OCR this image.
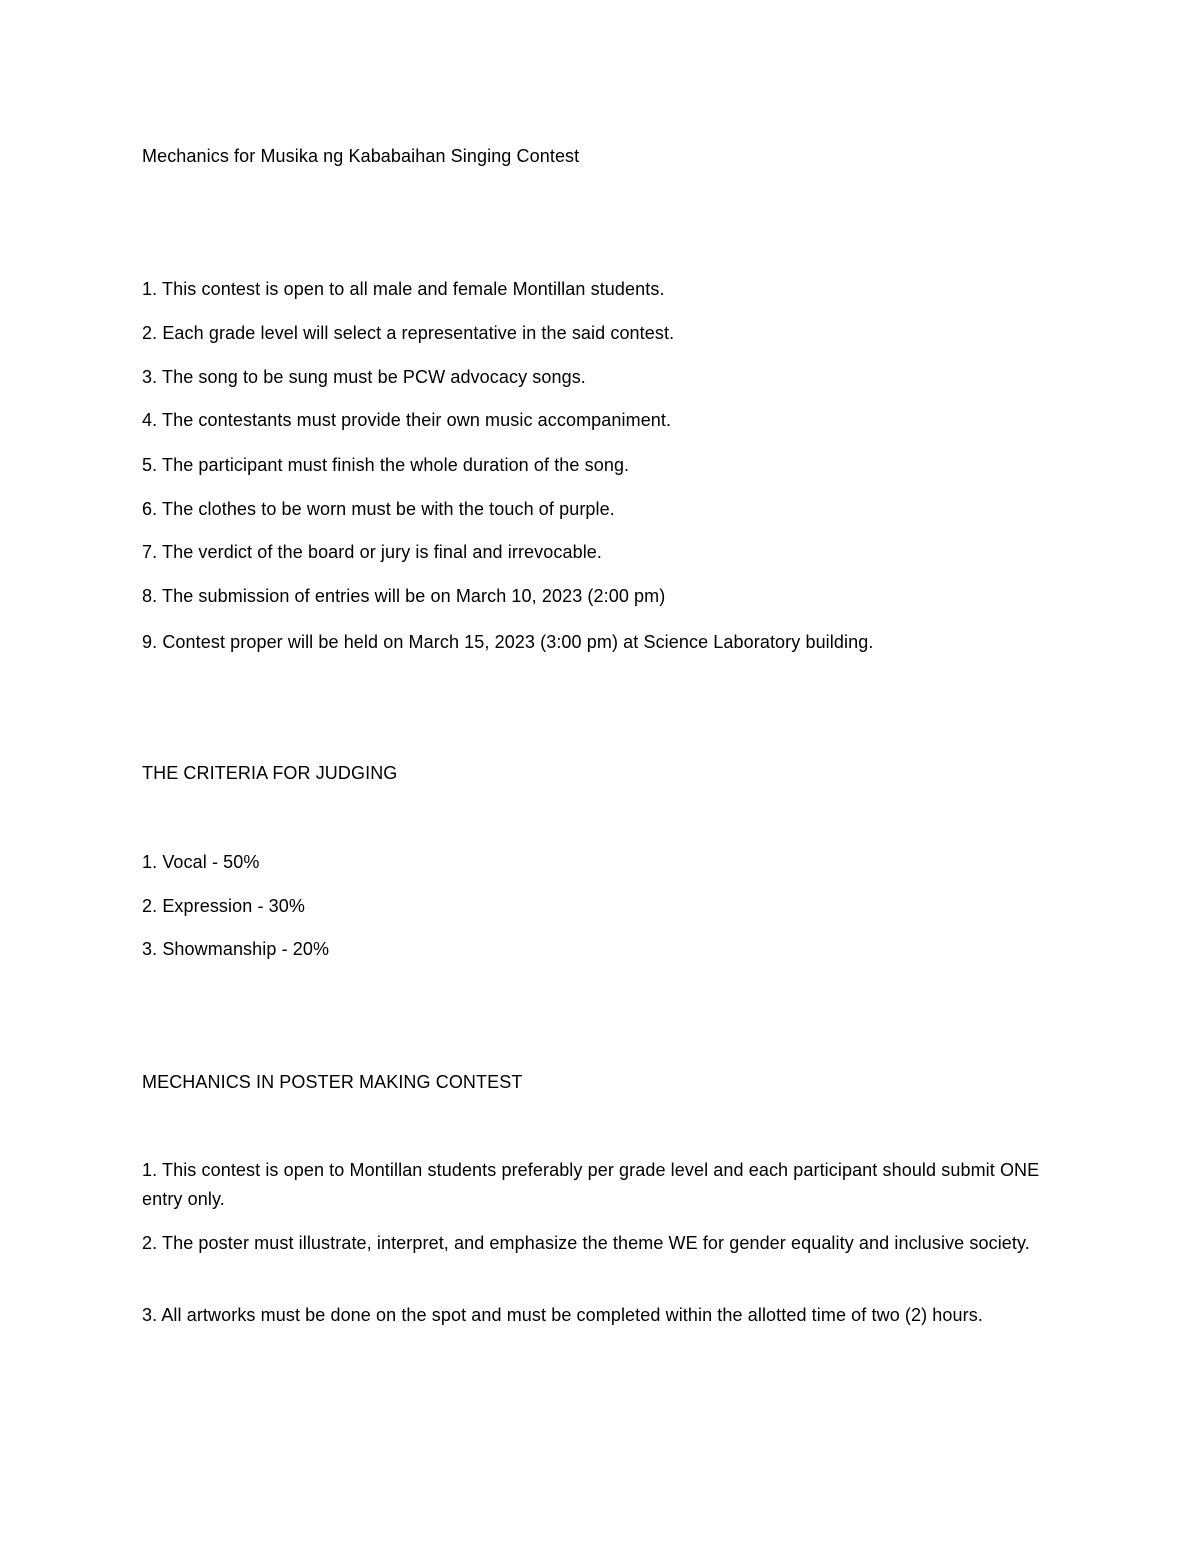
Mechanics for Musika ng Kababaihan Singing Contest
1. This contest is open to all male and female Montillan students.
2. Each grade level will select a representative in the said contest.
3. The song to be sung must be PCW advocacy songs.
4. The contestants must provide their own music accompaniment.
5. The participant must finish the whole duration of the song.
6. The clothes to be worn must be with the touch of purple.
7. The verdict of the board or jury is final and irrevocable.
8. The submission of entries will be on March 10, 2023 (2:00 pm)
9. Contest proper will be held on March 15, 2023 (3:00 pm) at Science Laboratory building.
THE CRITERIA FOR JUDGING
1. Vocal - 50%
2. Expression - 30%
3. Showmanship - 20%
MECHANICS IN POSTER MAKING CONTEST
1. This contest is open to Montillan students preferably per grade level and each participant should submit ONE entry only.
2. The poster must illustrate, interpret, and emphasize the theme WE for gender equality and inclusive society.
3. All artworks must be done on the spot and must be completed within the allotted time of two (2) hours.
